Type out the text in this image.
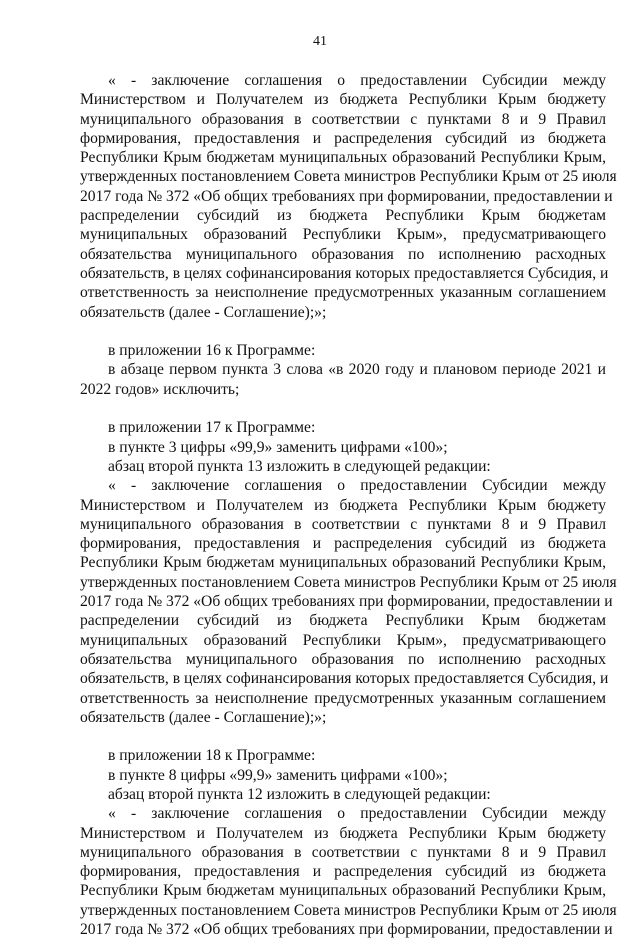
41
« - заключение соглашения о предоставлении Субсидии между
Министерством и Получателем из бюджета Республики Крым бюджету
муниципального образования в соответствии с пунктами 8 и 9 Правил
формирования, предоставления и распределения субсидий из бюджета
Республики Крым бюджетам муниципальных образований Республики Крым,
утвержденных постановлением Совета министров Республики Крым от 25 июля
2017 года № 372 «Об общих требованиях при формировании, предоставлении и
распределении субсидий из бюджета Республики Крым бюджетам
муниципальных образований Республики Крым», предусматривающего
обязательства муниципального образования по исполнению расходных
обязательств, в целях софинансирования которых предоставляется Субсидия, и
ответственность за неисполнение предусмотренных указанным соглашением
обязательств (далее - Соглашение);»;
в приложении 16 к Программе:
в абзаце первом пункта 3 слова «в 2020 году и плановом периоде 2021 и
2022 годов» исключить;
в приложении 17 к Программе:
в пункте 3 цифры «99,9» заменить цифрами «100»;
абзац второй пункта 13 изложить в следующей редакции:
« - заключение соглашения о предоставлении Субсидии между
Министерством и Получателем из бюджета Республики Крым бюджету
муниципального образования в соответствии с пунктами 8 и 9 Правил
формирования, предоставления и распределения субсидий из бюджета
Республики Крым бюджетам муниципальных образований Республики Крым,
утвержденных постановлением Совета министров Республики Крым от 25 июля
2017 года № 372 «Об общих требованиях при формировании, предоставлении и
распределении субсидий из бюджета Республики Крым бюджетам
муниципальных образований Республики Крым», предусматривающего
обязательства муниципального образования по исполнению расходных
обязательств, в целях софинансирования которых предоставляется Субсидия, и
ответственность за неисполнение предусмотренных указанным соглашением
обязательств (далее - Соглашение);»;
в приложении 18 к Программе:
в пункте 8 цифры «99,9» заменить цифрами «100»;
абзац второй пункта 12 изложить в следующей редакции:
« - заключение соглашения о предоставлении Субсидии между
Министерством и Получателем из бюджета Республики Крым бюджету
муниципального образования в соответствии с пунктами 8 и 9 Правил
формирования, предоставления и распределения субсидий из бюджета
Республики Крым бюджетам муниципальных образований Республики Крым,
утвержденных постановлением Совета министров Республики Крым от 25 июля
2017 года № 372 «Об общих требованиях при формировании, предоставлении и
